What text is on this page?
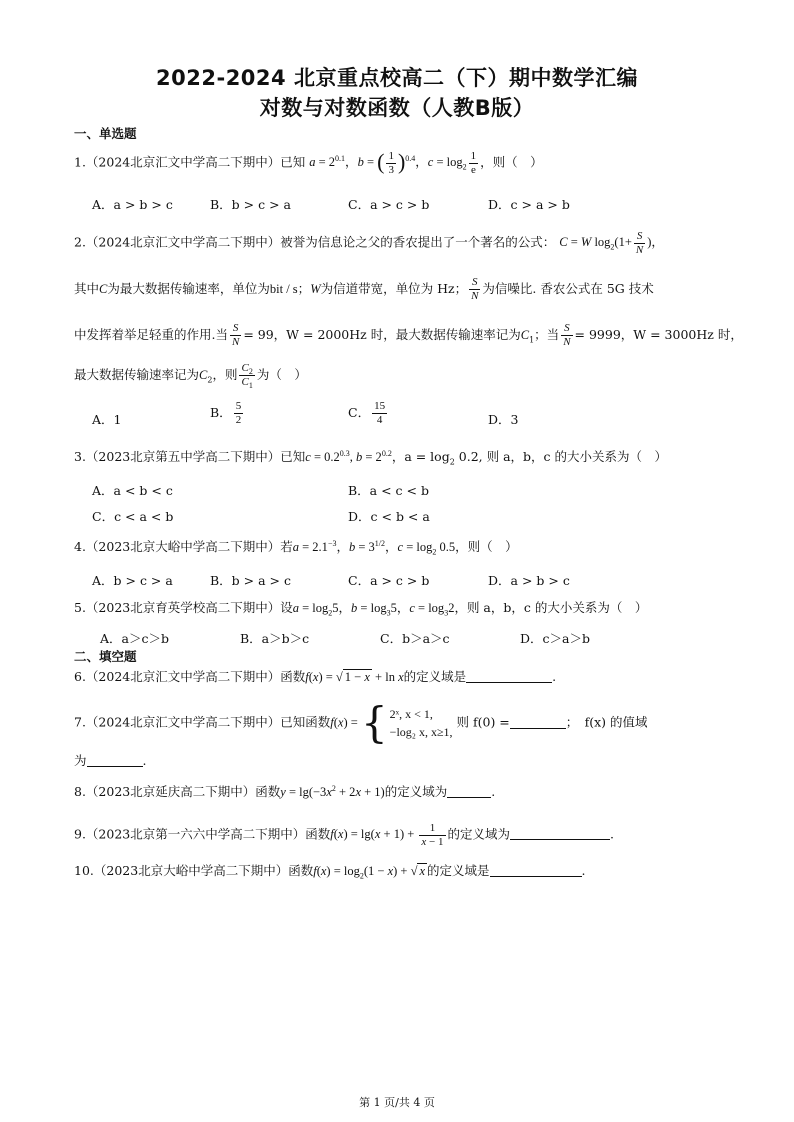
2022-2024 北京重点校高二（下）期中数学汇编
对数与对数函数（人教B版）
一、单选题
1.（2024北京汇文中学高二下期中）已知 $a = 2^{0.1}$，b = ( $\frac{1}{3} )^{0.4}$，$c = \log_2 \frac{1}{e}$ ，则（　）
A．a > b > c	B．b > c > a	C．a > c > b	D．c > a > b
2.（2024北京汇文中学高二下期中）被誉为信息论之父的香农提出了一个著名的公式： C = W $\log_2(1+ \frac{S}{N}$ )，
其中C为最大数据传输速率，单位为bit / s；W为信道带宽，单位为 Hz； $\frac{S}{N}$ 为信噪比. 香农公式在 5G 技术
中发挥着举足轻重的作用.当 $\frac{S}{N} = 99$，W = 2000Hz 时，最大数据传输速率记为$C_1$；当 $\frac{S}{N} = 9999$，W = 3000Hz 时，
最大数据传输速率记为$C_2$，则 $\frac{C_2}{C_1}$ 为（　）
A．1	B． $\frac{5}{2}$	C． $\frac{15}{4}$	D．3
3.（2023北京第五中学高二下期中）已知$c = 0.2^{0.3}$, $b = 2^{0.2}$，$a = \log_2 0.2$, 则 a，b，c 的大小关系为（　）
A．a < b < c	B．a < c < b
C．c < a < b	D．c < b < a
4.（2023北京大峪中学高二下期中）若$a = 2.1^{-3}$，$b = 3^{1/2}$，$c = \log_2 0.5$，则（　）
A．b > c > a	B．b > a > c	C．a > c > b	D．a > b > c
5.（2023北京育英学校高二下期中）设$a = \log_25$，$b = \log_35$，$c = \log_32$，则 a，b，c 的大小关系为（　）
A．a＞c＞b	B．a＞b＞c	C．b＞a＞c	D．c＞a＞b
二、填空题
6.（2024北京汇文中学高二下期中）函数f(x) = √ 1 − x + ln x的定义域是	.
7.（2024北京汇文中学高二下期中）已知函数f(x) = { 2ˣ, x < 1,
−log₂ x, x≥1,
则 f(0) =	；　 f(x) 的值域
为	.
8.（2023北京延庆高二下期中）函数$y = \lg(-3x^2 + 2x + 1)$的定义域为	.
9.（2023北京第一六六中学高二下期中）函数$f(x) = \lg(x + 1) + \frac{1}{x - 1}$ 的定义域为	.
10.（2023北京大峪中学高二下期中）函数$f(x) = \log_2(1 - x)$ + √ x 的定义域是	.
第 1 页/共 4 页
